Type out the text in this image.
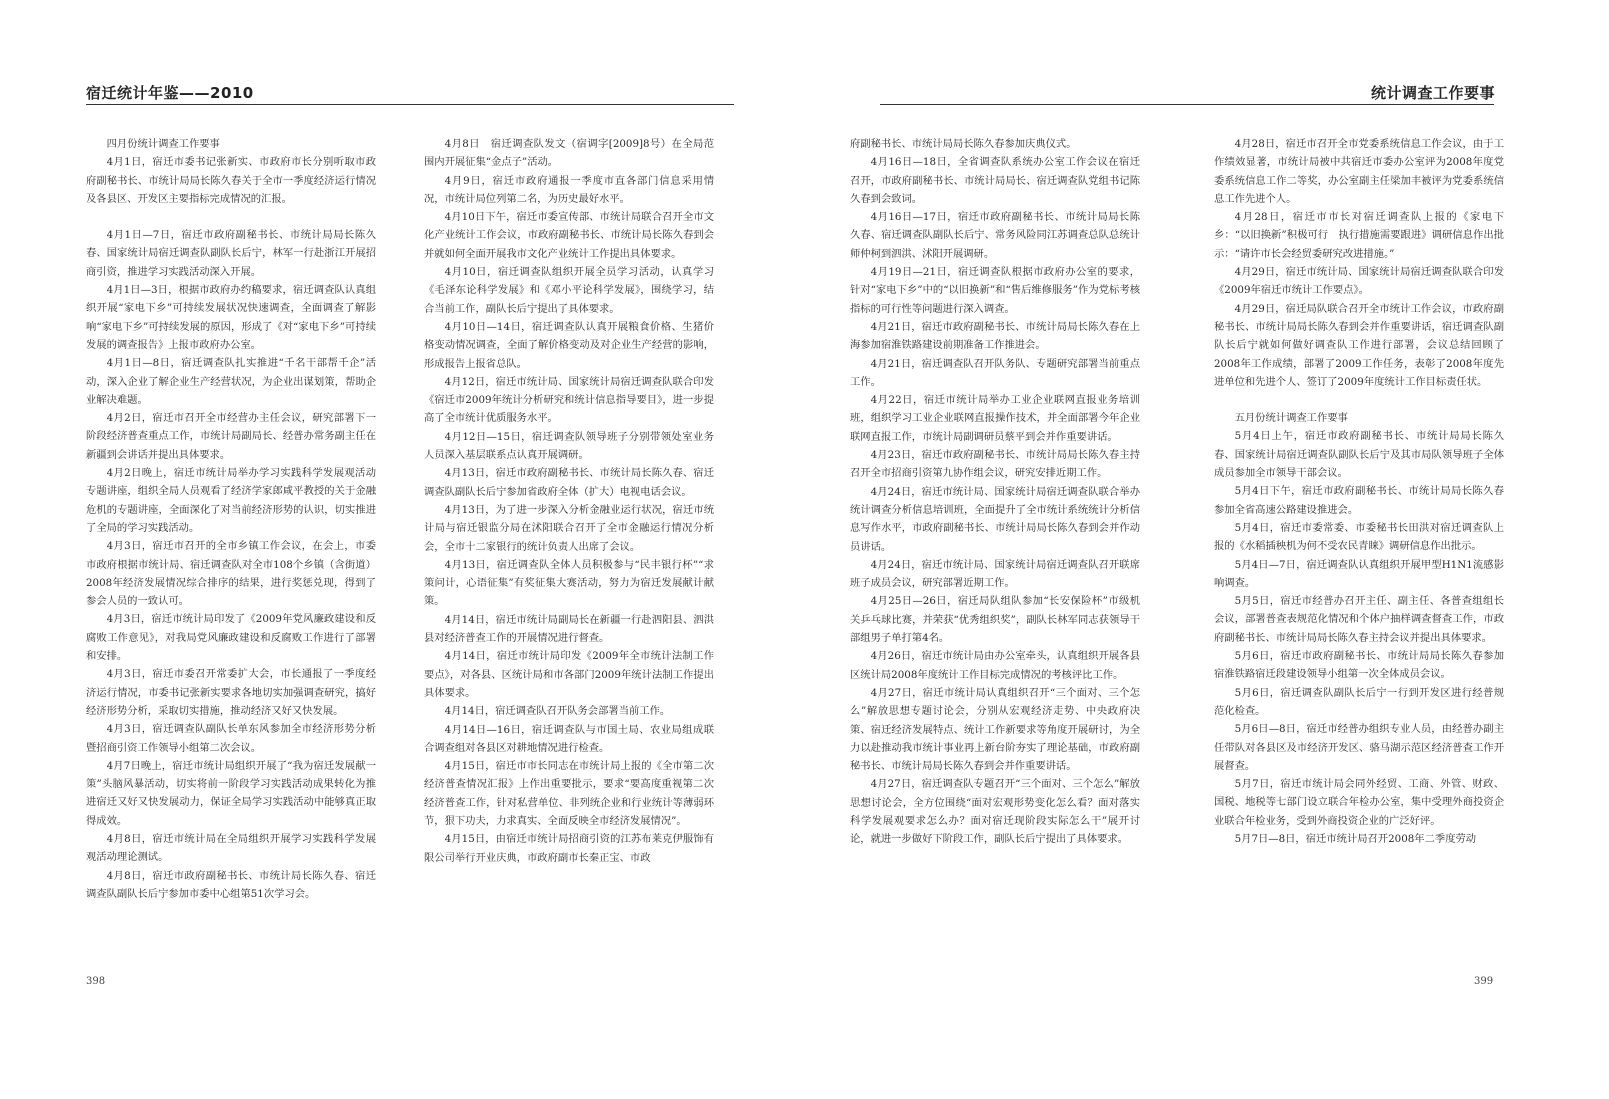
宿迁统计年鉴——2010

四月份统计调查工作要事

4月1日，宿迁市委书记张新实、市政府市长分别听取市政府副秘书长、市统计局局长陈久春关于全市一季度经济运行情况及各县区、开发区主要指标完成情况的汇报。

4月1日—7日，宿迁市政府副秘书长、市统计局局长陈久春、国家统计局宿迁调查队副队长后宁，林军一行赴浙江开展招商引资，推进学习实践活动深入开展。

4月1日—3日，根据市政府办约稿要求，宿迁调查队认真组织开展“家电下乡”可持续发展状况快速调查，全面调查了解影响“家电下乡”可持续发展的原因，形成了《对“家电下乡”可持续发展的调查报告》上报市政府办公室。

4月1日—8日，宿迁调查队扎实推进“千名干部帮千企”活动，深入企业了解企业生产经营状况，为企业出谋划策，帮助企业解决难题。

4月2日，宿迁市召开全市经营办主任会议，研究部署下一阶段经济普查重点工作，市统计局副局长、经普办常务副主任在新疆到会讲话并提出具体要求。

4月2日晚上，宿迁市统计局举办学习实践科学发展观活动专题讲座，组织全局人员观看了经济学家郎咸平教授的关于金融危机的专题讲座，全面深化了对当前经济形势的认识，切实推进了全局的学习实践活动。

4月3日，宿迁市召开的全市乡镇工作会议，在会上，市委市政府根据市统计局、宿迁调查队对全市108个乡镇（含街道）2008年经济发展情况综合排序的结果，进行奖惩兑现，得到了参会人员的一致认可。

4月3日，宿迁市统计局印发了《2009年党风廉政建设和反腐败工作意见》，对我局党风廉政建设和反腐败工作进行了部署和安排。

4月3日，宿迁市委召开常委扩大会，市长通报了一季度经济运行情况，市委书记张新实要求各地切实加强调查研究，搞好经济形势分析，采取切实措施，推动经济又好又快发展。

4月3日，宿迁调查队副队长单东风参加全市经济形势分析暨招商引资工作领导小组第二次会议。

4月7日晚上，宿迁市统计局组织开展了“我为宿迁发展献一策”头脑风暴活动，切实将前一阶段学习实践活动成果转化为推进宿迁又好又快发展动力，保证全局学习实践活动中能够真正取得成效。

4月8日，宿迁市统计局在全局组织开展学习实践科学发展观活动理论测试。

4月8日，宿迁市政府副秘书长、市统计局长陈久春、宿迁调查队副队长后宁参加市委中心组第51次学习会。

4月8日　宿迁调查队发文（宿调字[2009]8号）在全局范围内开展征集“金点子”活动。

4月9日，宿迁市政府通报一季度市直各部门信息采用情况，市统计局位列第二名，为历史最好水平。

4月10日下午，宿迁市委宣传部、市统计局联合召开全市文化产业统计工作会议，市政府副秘书长、市统计局长陈久春到会并就如何全面开展我市文化产业统计工作提出具体要求。

4月10日，宿迁调查队组织开展全员学习活动，认真学习《毛泽东论科学发展》和《邓小平论科学发展》，围绕学习，结合当前工作，副队长后宁提出了具体要求。

4月10日—14日，宿迁调查队认真开展粮食价格、生猪价格变动情况调查，全面了解价格变动及对企业生产经营的影响，形成报告上报省总队。

4月12日，宿迁市统计局、国家统计局宿迁调查队联合印发《宿迁市2009年统计分析研究和统计信息指导要目》，进一步提高了全市统计优质服务水平。

4月12日—15日，宿迁调查队领导班子分别带领处室业务人员深入基层联系点认真开展调研。

4月13日，宿迁市政府副秘书长、市统计局长陈久春、宿迁调查队副队长后宁参加省政府全体（扩大）电视电话会议。

4月13日，为了进一步深入分析金融业运行状况，宿迁市统计局与宿迁银监分局在沭阳联合召开了全市金融运行情况分析会，全市十二家银行的统计负责人出席了会议。

4月13日，宿迁调查队全体人员积极参与“民丰银行杯”“求策问计，心语征集”有奖征集大赛活动，努力为宿迁发展献计献策。

4月14日，宿迁市统计局副局长在新疆一行赴泗阳县、泗洪县对经济普查工作的开展情况进行督查。

4月14日，宿迁市统计局印发《2009年全市统计法制工作要点》，对各县、区统计局和市各部门2009年统计法制工作提出具体要求。

4月14日，宿迁调查队召开队务会部署当前工作。

4月14日—16日，宿迁调查队与市国土局、农业局组成联合调查组对各县区对耕地情况进行检查。

4月15日，宿迁市市长同志在市统计局上报的《全市第二次经济普查情况汇报》上作出重要批示，要求“要高度重视第二次经济普查工作，针对私营单位、非列统企业和行业统计等薄弱环节，狠下功夫，力求真实、全面反映全市经济发展情况”。

4月15日，由宿迁市统计局招商引资的江苏布莱克伊服饰有限公司举行开业庆典，市政府副市长秦正宝、市政

398
统计调查工作要事

府副秘书长、市统计局局长陈久春参加庆典仪式。

4月16日—18日，全省调查队系统办公室工作会议在宿迁召开，市政府副秘书长、市统计局局长、宿迁调查队党组书记陈久春到会致词。

4月16日—17日，宿迁市政府副秘书长、市统计局局长陈久春、宿迁调查队副队长后宁、常务风险同江苏调查总队总统计师仲柯到泗洪、沭阳开展调研。

4月19日—21日，宿迁调查队根据市政府办公室的要求，针对“家电下乡”中的“以旧换新”和“售后维修服务”作为党标考核指标的可行性等问题进行深入调查。

4月21日，宿迁市政府副秘书长、市统计局局长陈久春在上海参加宿淮铁路建设前期准备工作推进会。

4月21日，宿迁调查队召开队务队、专题研究部署当前重点工作。

4月22日，宿迁市统计局举办工业企业联网直报业务培训班，组织学习工业企业联网直报操作技术，并全面部署今年企业联网直报工作，市统计局副调研员蔡平到会并作重要讲话。

4月23日，宿迁市政府副秘书长、市统计局局长陈久春主持召开全市招商引资第九协作组会议，研究安排近期工作。

4月24日，宿迁市统计局、国家统计局宿迁调查队联合举办统计调查分析信息培训班，全面提升了全市统计系统统计分析信息写作水平，市政府副秘书长、市统计局局长陈久春到会并作动员讲话。

4月24日，宿迁市统计局、国家统计局宿迁调查队召开联席班子成员会议，研究部署近期工作。

4月25日—26日，宿迁局队组队参加“长安保险杯”市级机关乒乓球比赛，并荣获“优秀组织奖”，副队长林军同志获领导干部组男子单打第4名。

4月26日，宿迁市统计局由办公室牵头，认真组织开展各县区统计局2008年度统计工作目标完成情况的考核评比工作。

4月27日，宿迁市统计局认真组织召开“三个面对、三个怎么”解放思想专题讨论会，分别从宏观经济走势、中央政府决策、宿迁经济发展特点、统计工作新要求等角度开展研讨，为全力以赴推动我市统计事业再上新台阶夯实了理论基础，市政府副秘书长、市统计局局长陈久春到会并作重要讲话。

4月27日，宿迁调查队专题召开“三个面对、三个怎么”解放思想讨论会，全方位围绕“面对宏观形势变化怎么看？面对落实科学发展观要求怎么办？面对宿迁现阶段实际怎么干”展开讨论，就进一步做好下阶段工作，副队长后宁提出了具体要求。

4月28日，宿迁市召开全市党委系统信息工作会议，由于工作绩效显著，市统计局被中共宿迁市委办公室评为2008年度党委系统信息工作二等奖，办公室副主任梁加丰被评为党委系统信息工作先进个人。

4月28日，宿迁市市长对宿迁调查队上报的《家电下乡：“以旧换新”积极可行　执行措施需要跟进》调研信息作出批示：“请许市长会经贸委研究改进措施。”

4月29日，宿迁市统计局、国家统计局宿迁调查队联合印发《2009年宿迁市统计工作要点》。

4月29日，宿迁局队联合召开全市统计工作会议，市政府副秘书长、市统计局局长陈久春到会并作重要讲话，宿迁调查队副队长后宁就如何做好调查队工作进行部署，会议总结回顾了2008年工作成绩，部署了2009工作任务，表彰了2008年度先进单位和先进个人、签订了2009年度统计工作目标责任状。

五月份统计调查工作要事

5月4日上午，宿迁市政府副秘书长、市统计局局长陈久春、国家统计局宿迁调查队副队长后宁及其市局队领导班子全体成员参加全市领导干部会议。

5月4日下午，宿迁市政府副秘书长、市统计局局长陈久春参加全省高速公路建设推进会。

5月4日，宿迁市委常委、市委秘书长田洪对宿迁调查队上报的《水稻插秧机为何不受农民青睐》调研信息作出批示。

5月4日—7日，宿迁调查队认真组织开展甲型H1N1流感影响调查。

5月5日，宿迁市经普办召开主任、副主任、各普查组组长会议，部署普查表规范化情况和个体户抽样调查督查工作，市政府副秘书长、市统计局局长陈久春主持会议并提出具体要求。

5月6日，宿迁市政府副秘书长、市统计局局长陈久春参加宿淮铁路宿迁段建设领导小组第一次全体成员会议。

5月6日，宿迁调查队副队长后宁一行到开发区进行经普规范化检查。

5月6日—8日，宿迁市经普办组织专业人员，由经普办副主任带队对各县区及市经济开发区、骆马湖示范区经济普查工作开展督查。

5月7日，宿迁市统计局会同外经贸、工商、外管、财政、国税、地税等七部门设立联合年检办公室，集中受理外商投资企业联合年检业务，受到外商投资企业的广泛好评。

5月7日—8日，宿迁市统计局召开2008年二季度劳动

399
